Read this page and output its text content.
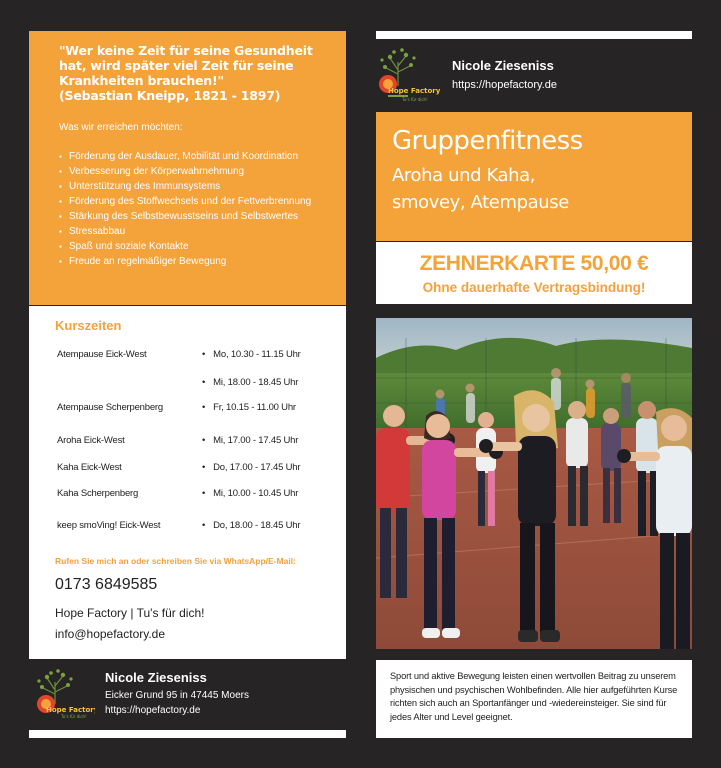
"Wer keine Zeit für seine Gesundheit
hat, wird später viel Zeit für seine
Krankheiten brauchen!"
(Sebastian Kneipp, 1821 - 1897)
Was wir erreichen möchten:
▪ Förderung der Ausdauer, Mobilität und Koordination
▪ Verbesserung der Körperwahrnehmung
▪ Unterstützung des Immunsystems
▪ Förderung des Stoffwechsels und der Fettverbrennung
▪ Stärkung des Selbstbewusstseins und Selbstwertes
▪ Stressabbau
▪ Spaß und soziale Kontakte
▪ Freude an regelmäßiger Bewegung
Kurszeiten
Atempause Eick-West	• Mo, 10.30 - 11.15 Uhr
• Mi, 18.00 - 18.45 Uhr
Atempause Scherpenberg	• Fr, 10.15 - 11.00 Uhr
Aroha Eick-West	• Mi, 17.00 - 17.45 Uhr
Kaha Eick-West	• Do, 17.00 - 17.45 Uhr
Kaha Scherpenberg	• Mi, 10.00 - 10.45 Uhr
keep smoVing! Eick-West	• Do, 18.00 - 18.45 Uhr
Rufen Sie mich an oder schreiben Sie via WhatsApp/E-Mail:
0173 6849585
Hope Factory | Tu's für dich!
info@hopefactory.de
Hope Factory
Tu's für dich!
Nicole Zieseniss
Eicker Grund 95 in 47445 Moers
https://hopefactory.de
Hope Factory
Tu's für dich!
Nicole Zieseniss
https://hopefactory.de
Gruppenfitness
Aroha und Kaha,
smovey, Atempause
ZEHNERKARTE 50,00 €
Ohne dauerhafte Vertragsbindung!

Sport und aktive Bewegung leisten einen wertvollen Beitrag zu unserem physischen und psychischen Wohlbefinden. Alle hier aufgeführten Kurse richten sich auch an Sportanfänger und -wiedereinsteiger. Sie sind für jedes Alter und Level geeignet.
